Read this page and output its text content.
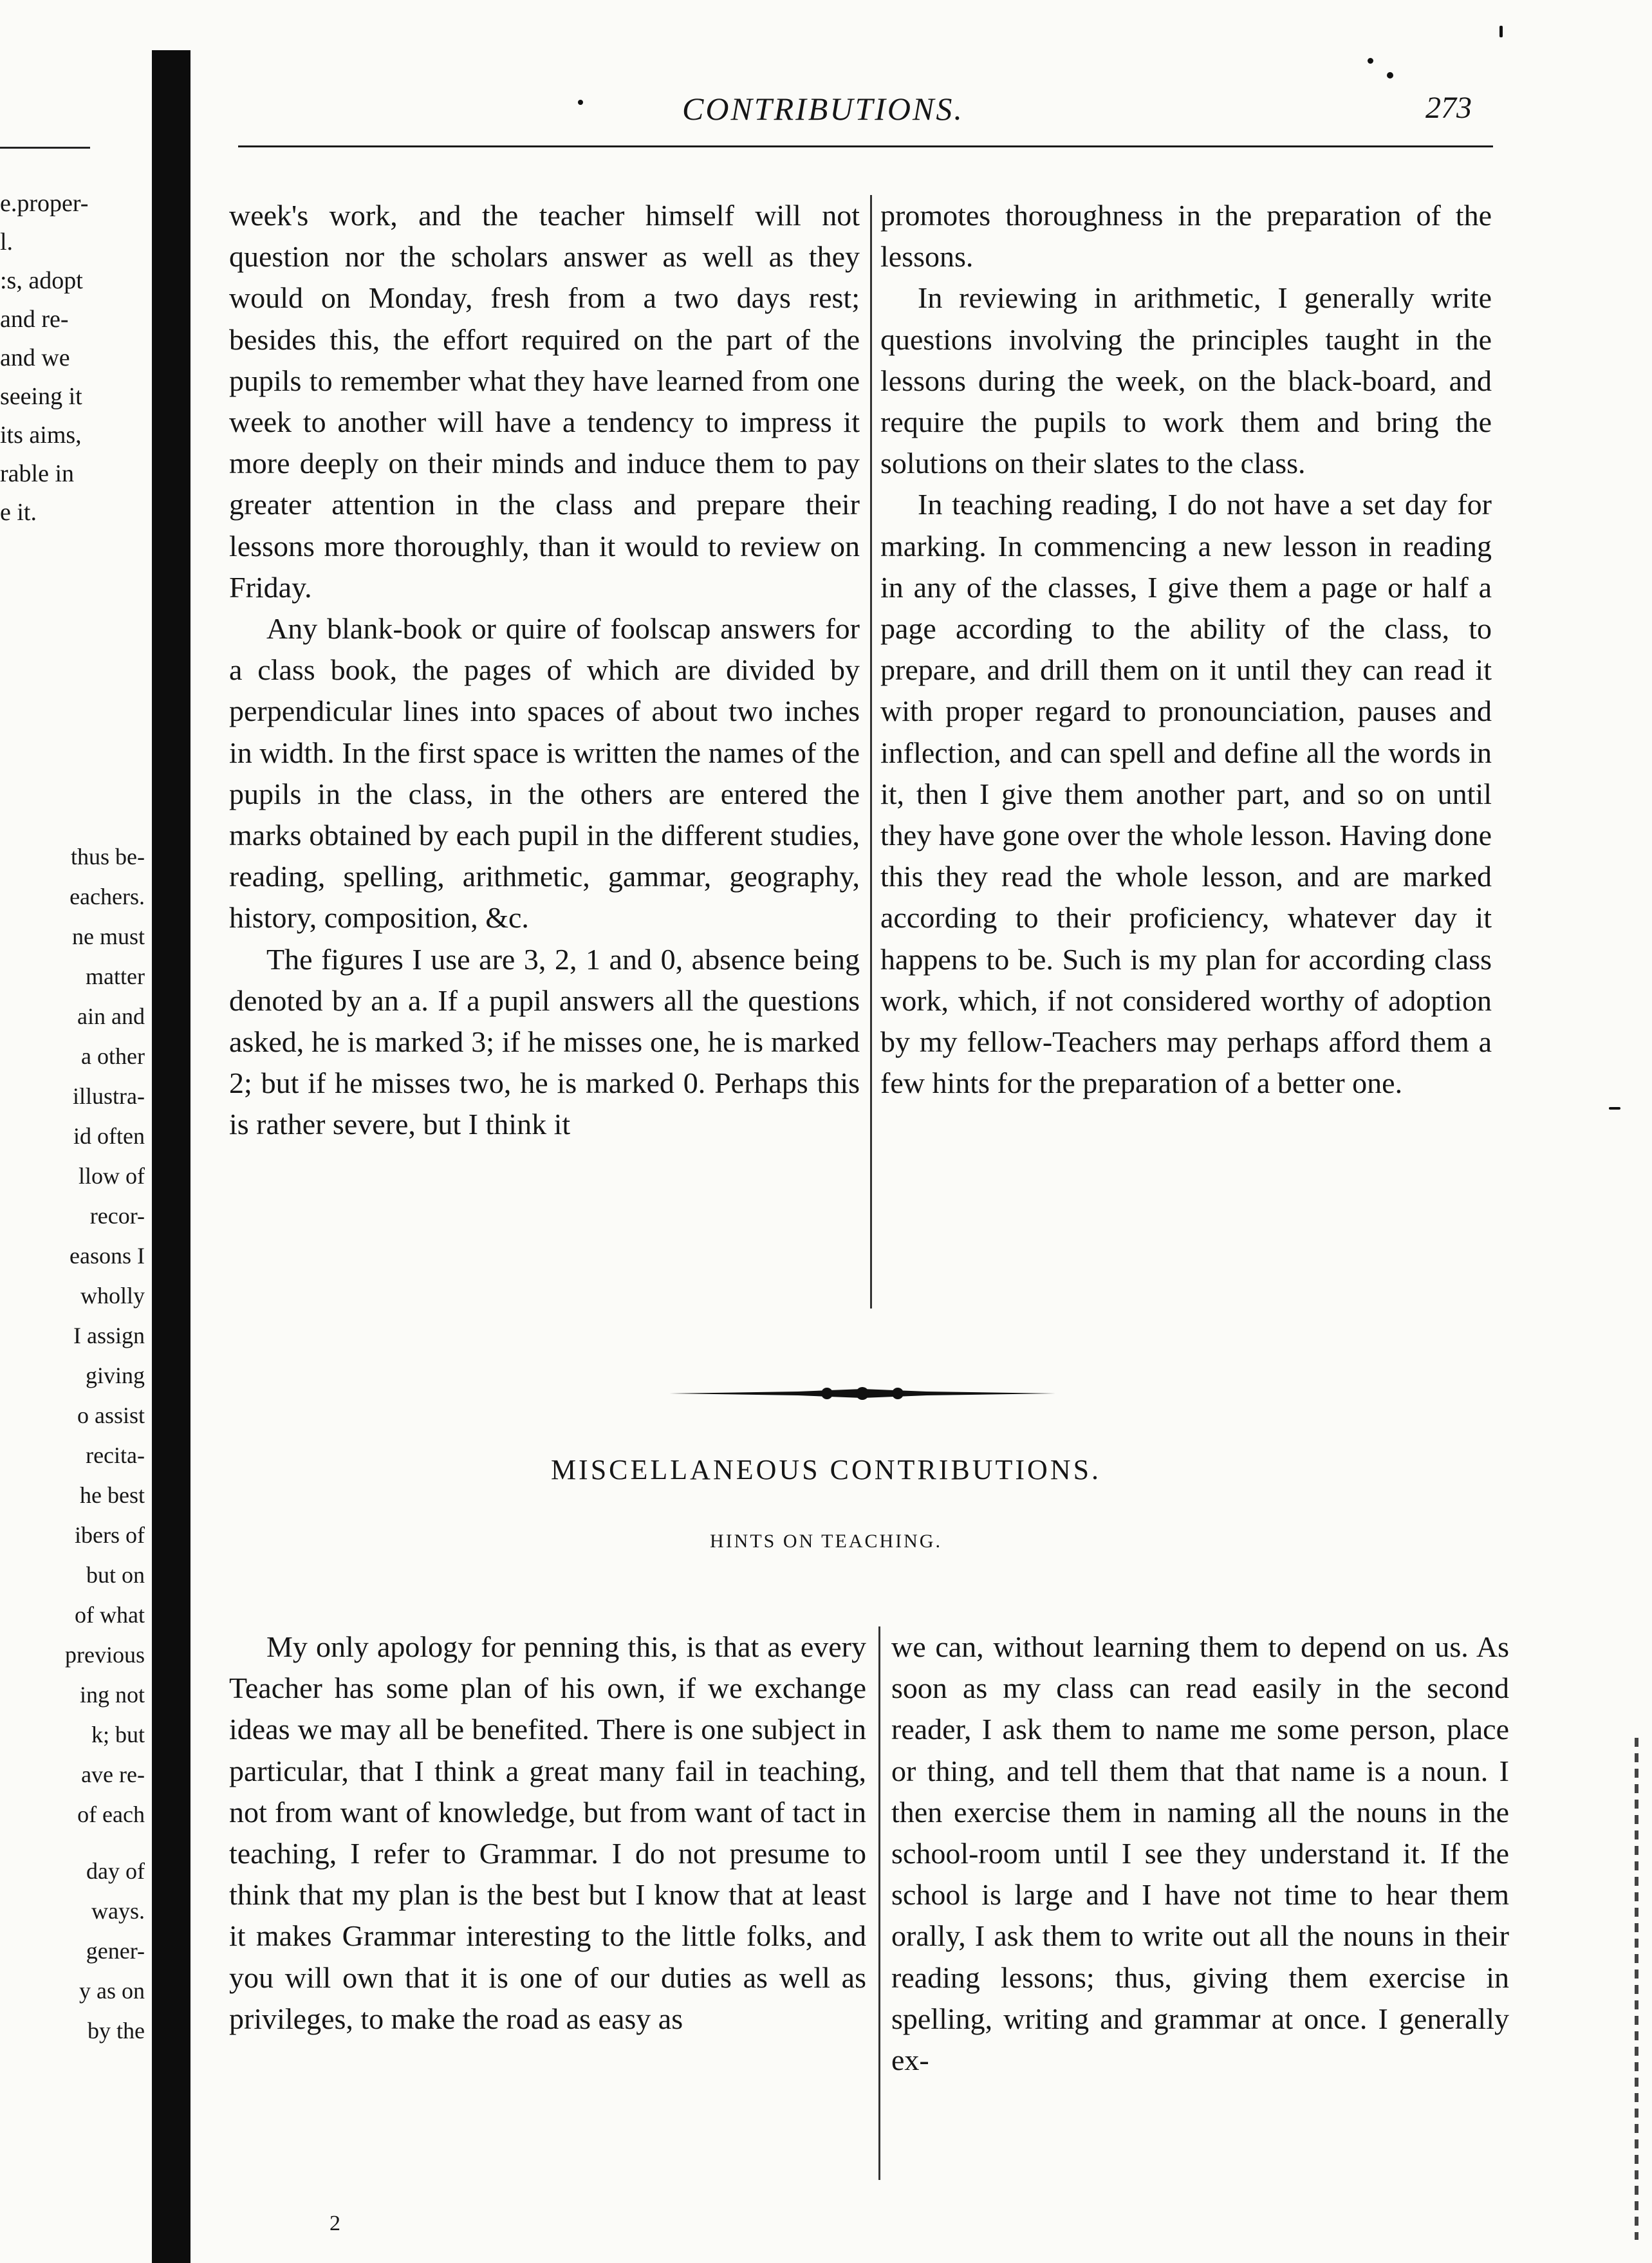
e.proper-
l.
:s, adopt
and re-
and we
seeing it
its aims,
rable in
e it.
thus be-
eachers.
ne must
matter
ain and
a other
illustra-
id often
llow of
recor-
easons I
wholly
I assign
giving
o assist
recita-
he best
ibers of
but on
of what
previous
ing not
k; but
ave re-
of each
day of
ways.
gener-
y as on
by the
CONTRIBUTIONS.	273

week's work, and the teacher himself will not question nor the scholars answer as well as they would on Monday, fresh from a two days rest; besides this, the effort required on the part of the pupils to remember what they have learned from one week to another will have a tendency to impress it more deeply on their minds and induce them to pay greater attention in the class and prepare their lessons more thoroughly, than it would to review on Friday.

Any blank-book or quire of foolscap answers for a class book, the pages of which are divided by perpendicular lines into spaces of about two inches in width. In the first space is written the names of the pupils in the class, in the others are entered the marks obtained by each pupil in the different studies, reading, spelling, arithmetic, gammar, geography, history, composition, &c.

The figures I use are 3, 2, 1 and 0, absence being denoted by an a. If a pupil answers all the questions asked, he is marked 3; if he misses one, he is marked 2; but if he misses two, he is marked 0. Perhaps this is rather severe, but I think it

promotes thoroughness in the preparation of the lessons.

In reviewing in arithmetic, I generally write questions involving the principles taught in the lessons during the week, on the black-board, and require the pupils to work them and bring the solutions on their slates to the class.

In teaching reading, I do not have a set day for marking. In commencing a new lesson in reading in any of the classes, I give them a page or half a page according to the ability of the class, to prepare, and drill them on it until they can read it with proper regard to pronounciation, pauses and inflection, and can spell and define all the words in it, then I give them another part, and so on until they have gone over the whole lesson. Having done this they read the whole lesson, and are marked according to their proficiency, whatever day it happens to be. Such is my plan for according class work, which, if not considered worthy of adoption by my fellow-Teachers may perhaps afford them a few hints for the preparation of a better one.

MISCELLANEOUS CONTRIBUTIONS.
HINTS ON TEACHING.

My only apology for penning this, is that as every Teacher has some plan of his own, if we exchange ideas we may all be benefited. There is one subject in particular, that I think a great many fail in teaching, not from want of knowledge, but from want of tact in teaching, I refer to Grammar. I do not presume to think that my plan is the best but I know that at least it makes Grammar interesting to the little folks, and you will own that it is one of our duties as well as privileges, to make the road as easy as

we can, without learning them to depend on us. As soon as my class can read easily in the second reader, I ask them to name me some person, place or thing, and tell them that that name is a noun. I then exercise them in naming all the nouns in the school-room until I see they understand it. If the school is large and I have not time to hear them orally, I ask them to write out all the nouns in their reading lessons; thus, giving them exercise in spelling, writing and grammar at once. I generally ex-

2
